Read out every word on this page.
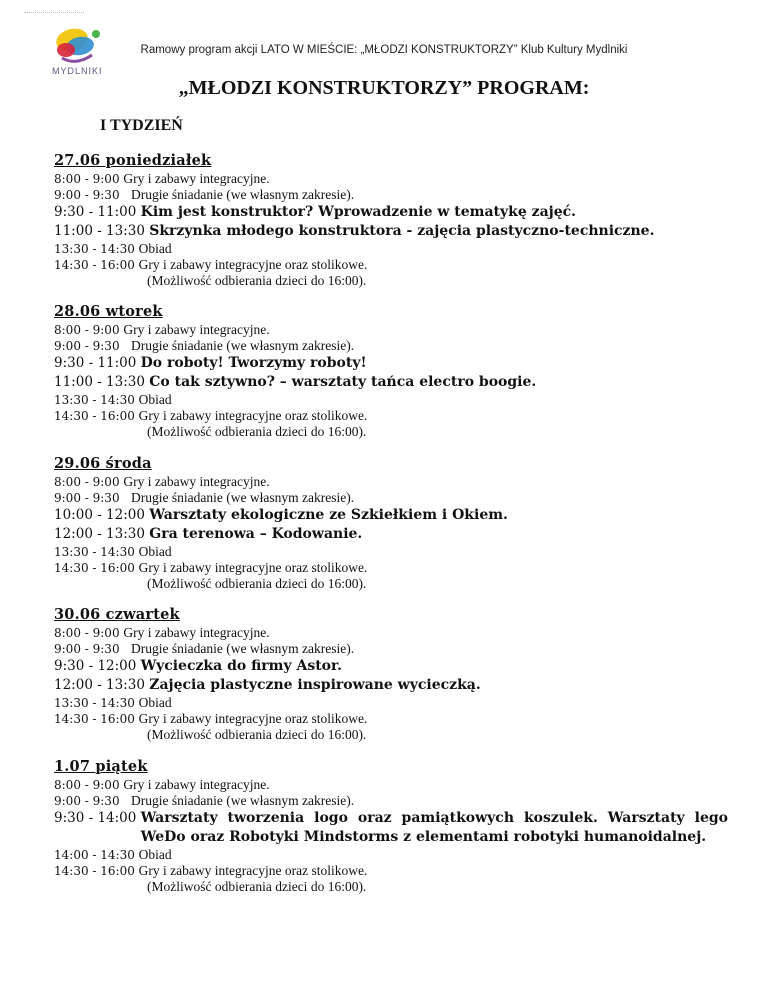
MYDLNIKI
Ramowy program akcji LATO W MIEŚCIE: „MŁODZI KONSTRUKTORZY” Klub Kultury Mydlniki
„MŁODZI KONSTRUKTORZY” PROGRAM:
I TYDZIEŃ
27.06 poniedziałek
8:00 - 9:00 Gry i zabawy integracyjne.
9:00 - 9:30 Drugie śniadanie (we własnym zakresie).
9:30 - 11:00 Kim jest konstruktor? Wprowadzenie w tematykę zajęć.
11:00 - 13:30 Skrzynka młodego konstruktora - zajęcia plastyczno-techniczne.
13:30 - 14:30 Obiad
14:30 - 16:00 Gry i zabawy integracyjne oraz stolikowe.
(Możliwość odbierania dzieci do 16:00).
28.06 wtorek
8:00 - 9:00 Gry i zabawy integracyjne.
9:00 - 9:30 Drugie śniadanie (we własnym zakresie).
9:30 - 11:00 Do roboty! Tworzymy roboty!
11:00 - 13:30 Co tak sztywno? – warsztaty tańca electro boogie.
13:30 - 14:30 Obiad
14:30 - 16:00 Gry i zabawy integracyjne oraz stolikowe.
(Możliwość odbierania dzieci do 16:00).
29.06 środa
8:00 - 9:00 Gry i zabawy integracyjne.
9:00 - 9:30 Drugie śniadanie (we własnym zakresie).
10:00 - 12:00 Warsztaty ekologiczne ze Szkiełkiem i Okiem.
12:00 - 13:30 Gra terenowa – Kodowanie.
13:30 - 14:30 Obiad
14:30 - 16:00 Gry i zabawy integracyjne oraz stolikowe.
(Możliwość odbierania dzieci do 16:00).
30.06 czwartek
8:00 - 9:00 Gry i zabawy integracyjne.
9:00 - 9:30 Drugie śniadanie (we własnym zakresie).
9:30 - 12:00 Wycieczka do firmy Astor.
12:00 - 13:30 Zajęcia plastyczne inspirowane wycieczką.
13:30 - 14:30 Obiad
14:30 - 16:00 Gry i zabawy integracyjne oraz stolikowe.
(Możliwość odbierania dzieci do 16:00).
1.07 piątek
8:00 - 9:00 Gry i zabawy integracyjne.
9:00 - 9:30 Drugie śniadanie (we własnym zakresie).
9:30 - 14:00 Warsztaty tworzenia logo oraz pamiątkowych koszulek. Warsztaty lego WeDo oraz Robotyki Mindstorms z elementami robotyki humanoidalnej.
14:00 - 14:30 Obiad
14:30 - 16:00 Gry i zabawy integracyjne oraz stolikowe.
(Możliwość odbierania dzieci do 16:00).
